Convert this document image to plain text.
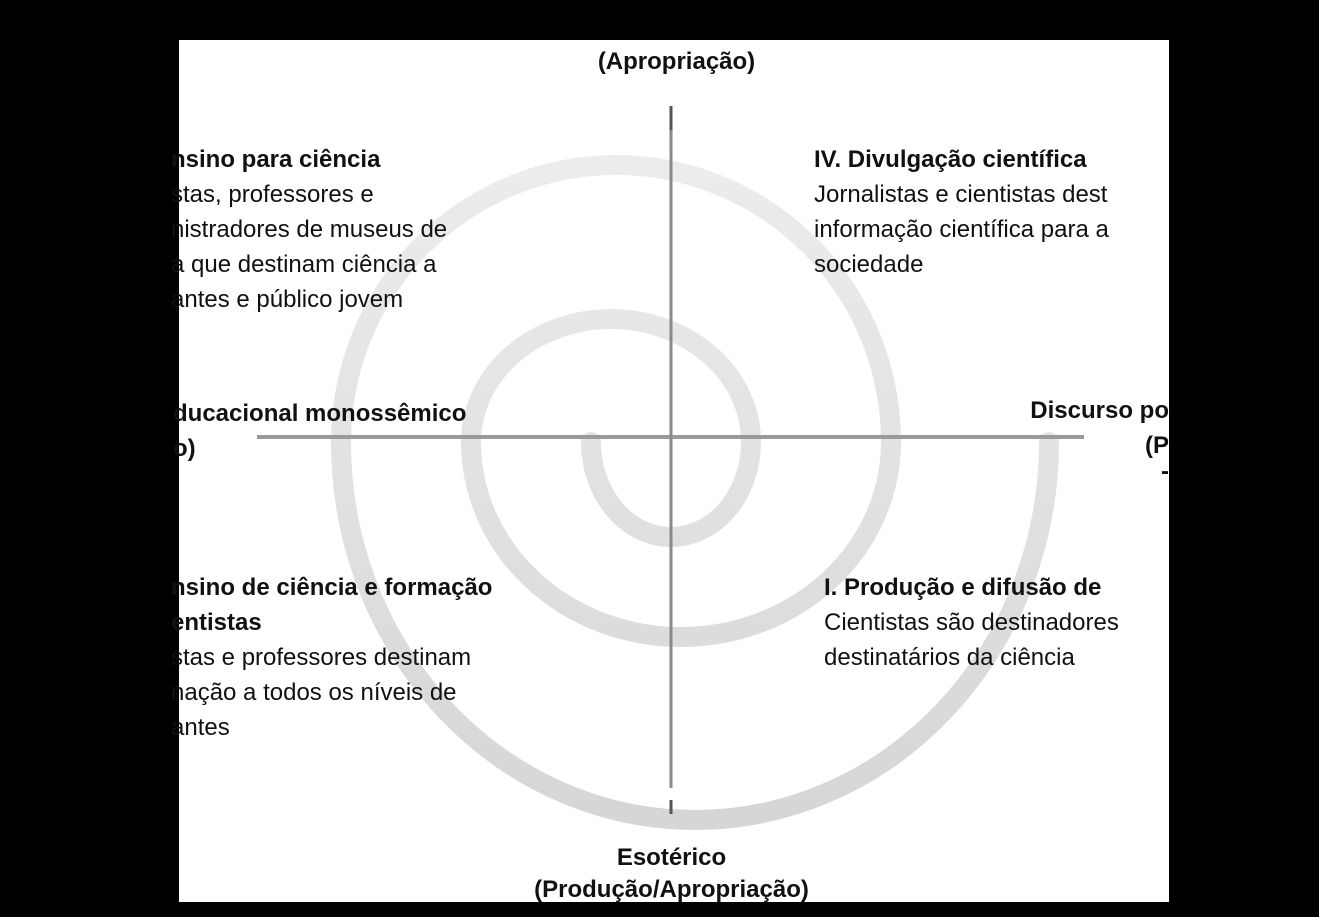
(Apropriação)
Esotérico
(Produção/Apropriação)
ducacional monossêmico
o)
Discurso po
(P
-
nsino para ciência
stas, professores e
nistradores de museus de
a que destinam ciência a
antes e público jovem
IV. Divulgação científica
Jornalistas e cientistas dest
informação científica para a
sociedade
nsino de ciência e formação
entistas
stas e professores destinam
nação a todos os níveis de
antes
I. Produção e difusão de
Cientistas são destinadores
destinatários da ciência
